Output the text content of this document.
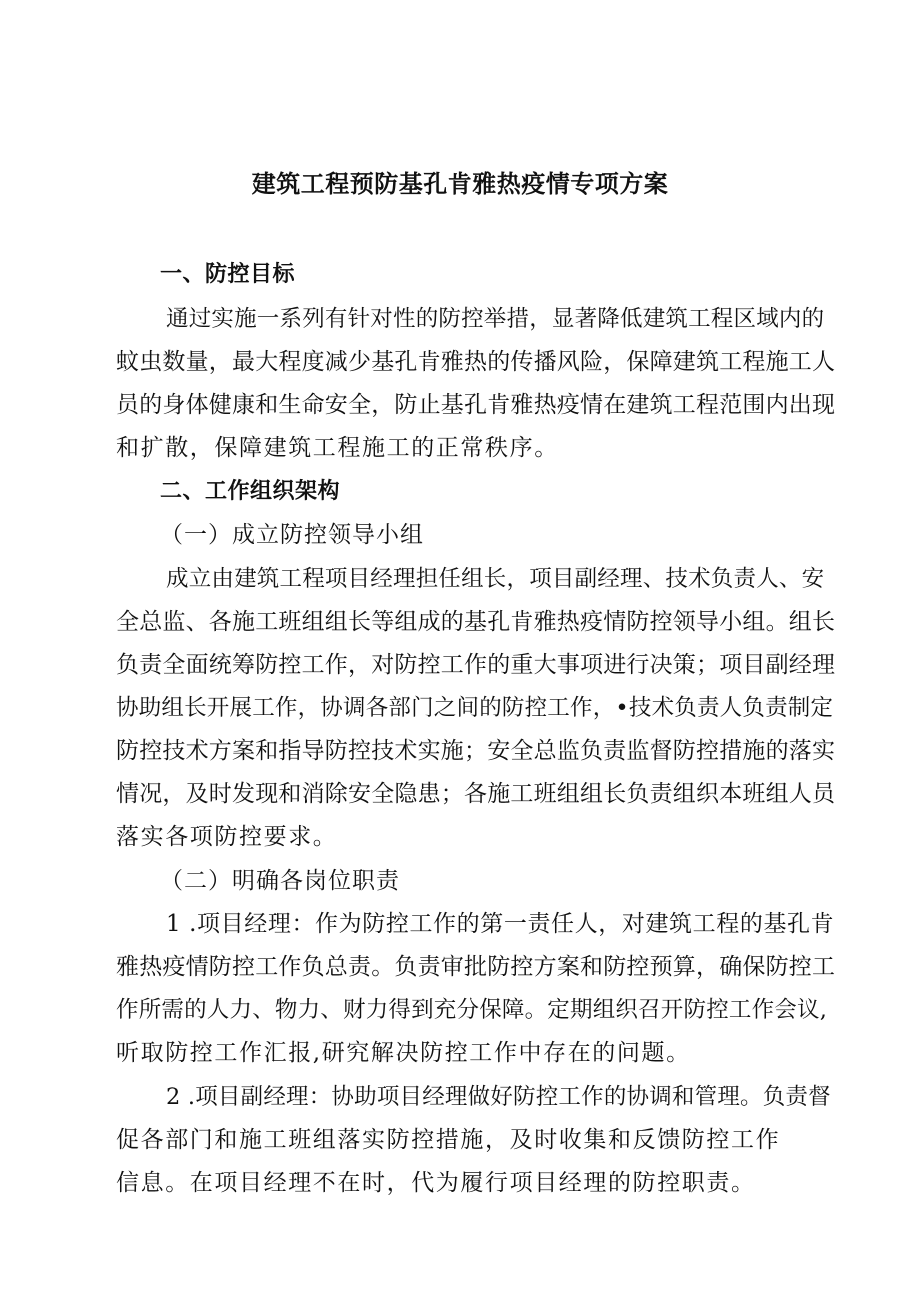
建筑工程预防基孔肯雅热疫情专项方案
一、防控目标
通过实施一系列有针对性的防控举措，显著降低建筑工程区域内的
蚊虫数量，最大程度减少基孔肯雅热的传播风险，保障建筑工程施工人
员的身体健康和生命安全，防止基孔肯雅热疫情在建筑工程范围内出现
和扩散，保障建筑工程施工的正常秩序。
二、工作组织架构
（一）成立防控领导小组
成立由建筑工程项目经理担任组长，项目副经理、技术负责人、安
全总监、各施工班组组长等组成的基孔肯雅热疫情防控领导小组。组长
负责全面统筹防控工作，对防控工作的重大事项进行决策；项目副经理
协助组长开展工作，协调各部门之间的防控工作，•技术负责人负责制定
防控技术方案和指导防控技术实施；安全总监负责监督防控措施的落实
情况，及时发现和消除安全隐患；各施工班组组长负责组织本班组人员
落实各项防控要求。
（二）明确各岗位职责
1 .项目经理：作为防控工作的第一责任人，对建筑工程的基孔肯
雅热疫情防控工作负总责。负责审批防控方案和防控预算，确保防控工
作所需的人力、物力、财力得到充分保障。定期组织召开防控工作会议,
听取防控工作汇报,研究解决防控工作中存在的问题。
2 .项目副经理：协助项目经理做好防控工作的协调和管理。负责督
促各部门和施工班组落实防控措施，及时收集和反馈防控工作
信息。在项目经理不在时，代为履行项目经理的防控职责。
